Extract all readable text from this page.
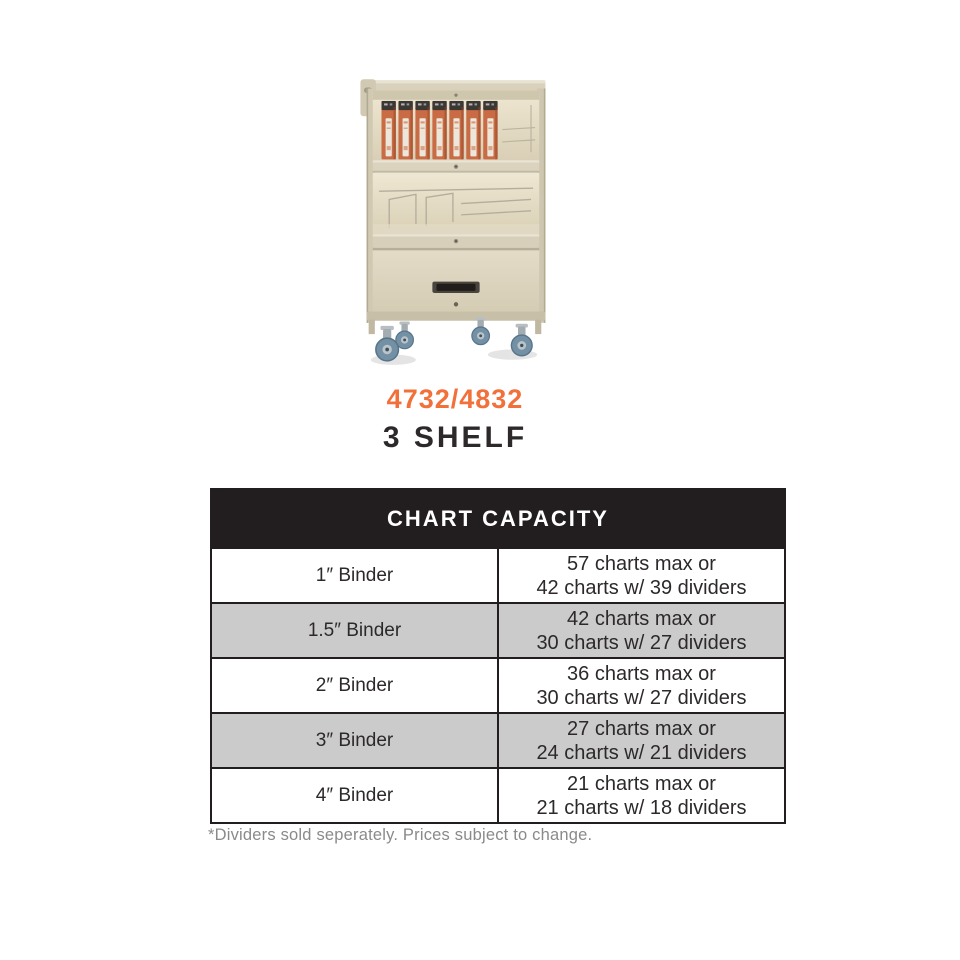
4732/4832
3 SHELF
CHART CAPACITY	
1″ Binder	57 charts max or
42 charts w/ 39 dividers

1.5″ Binder	42 charts max or
30 charts w/ 27 dividers

2″ Binder	36 charts max or
30 charts w/ 27 dividers

3″ Binder	27 charts max or
24 charts w/ 21 dividers

4″ Binder	21 charts max or
21 charts w/ 18 dividers
*Dividers sold seperately. Prices subject to change.
